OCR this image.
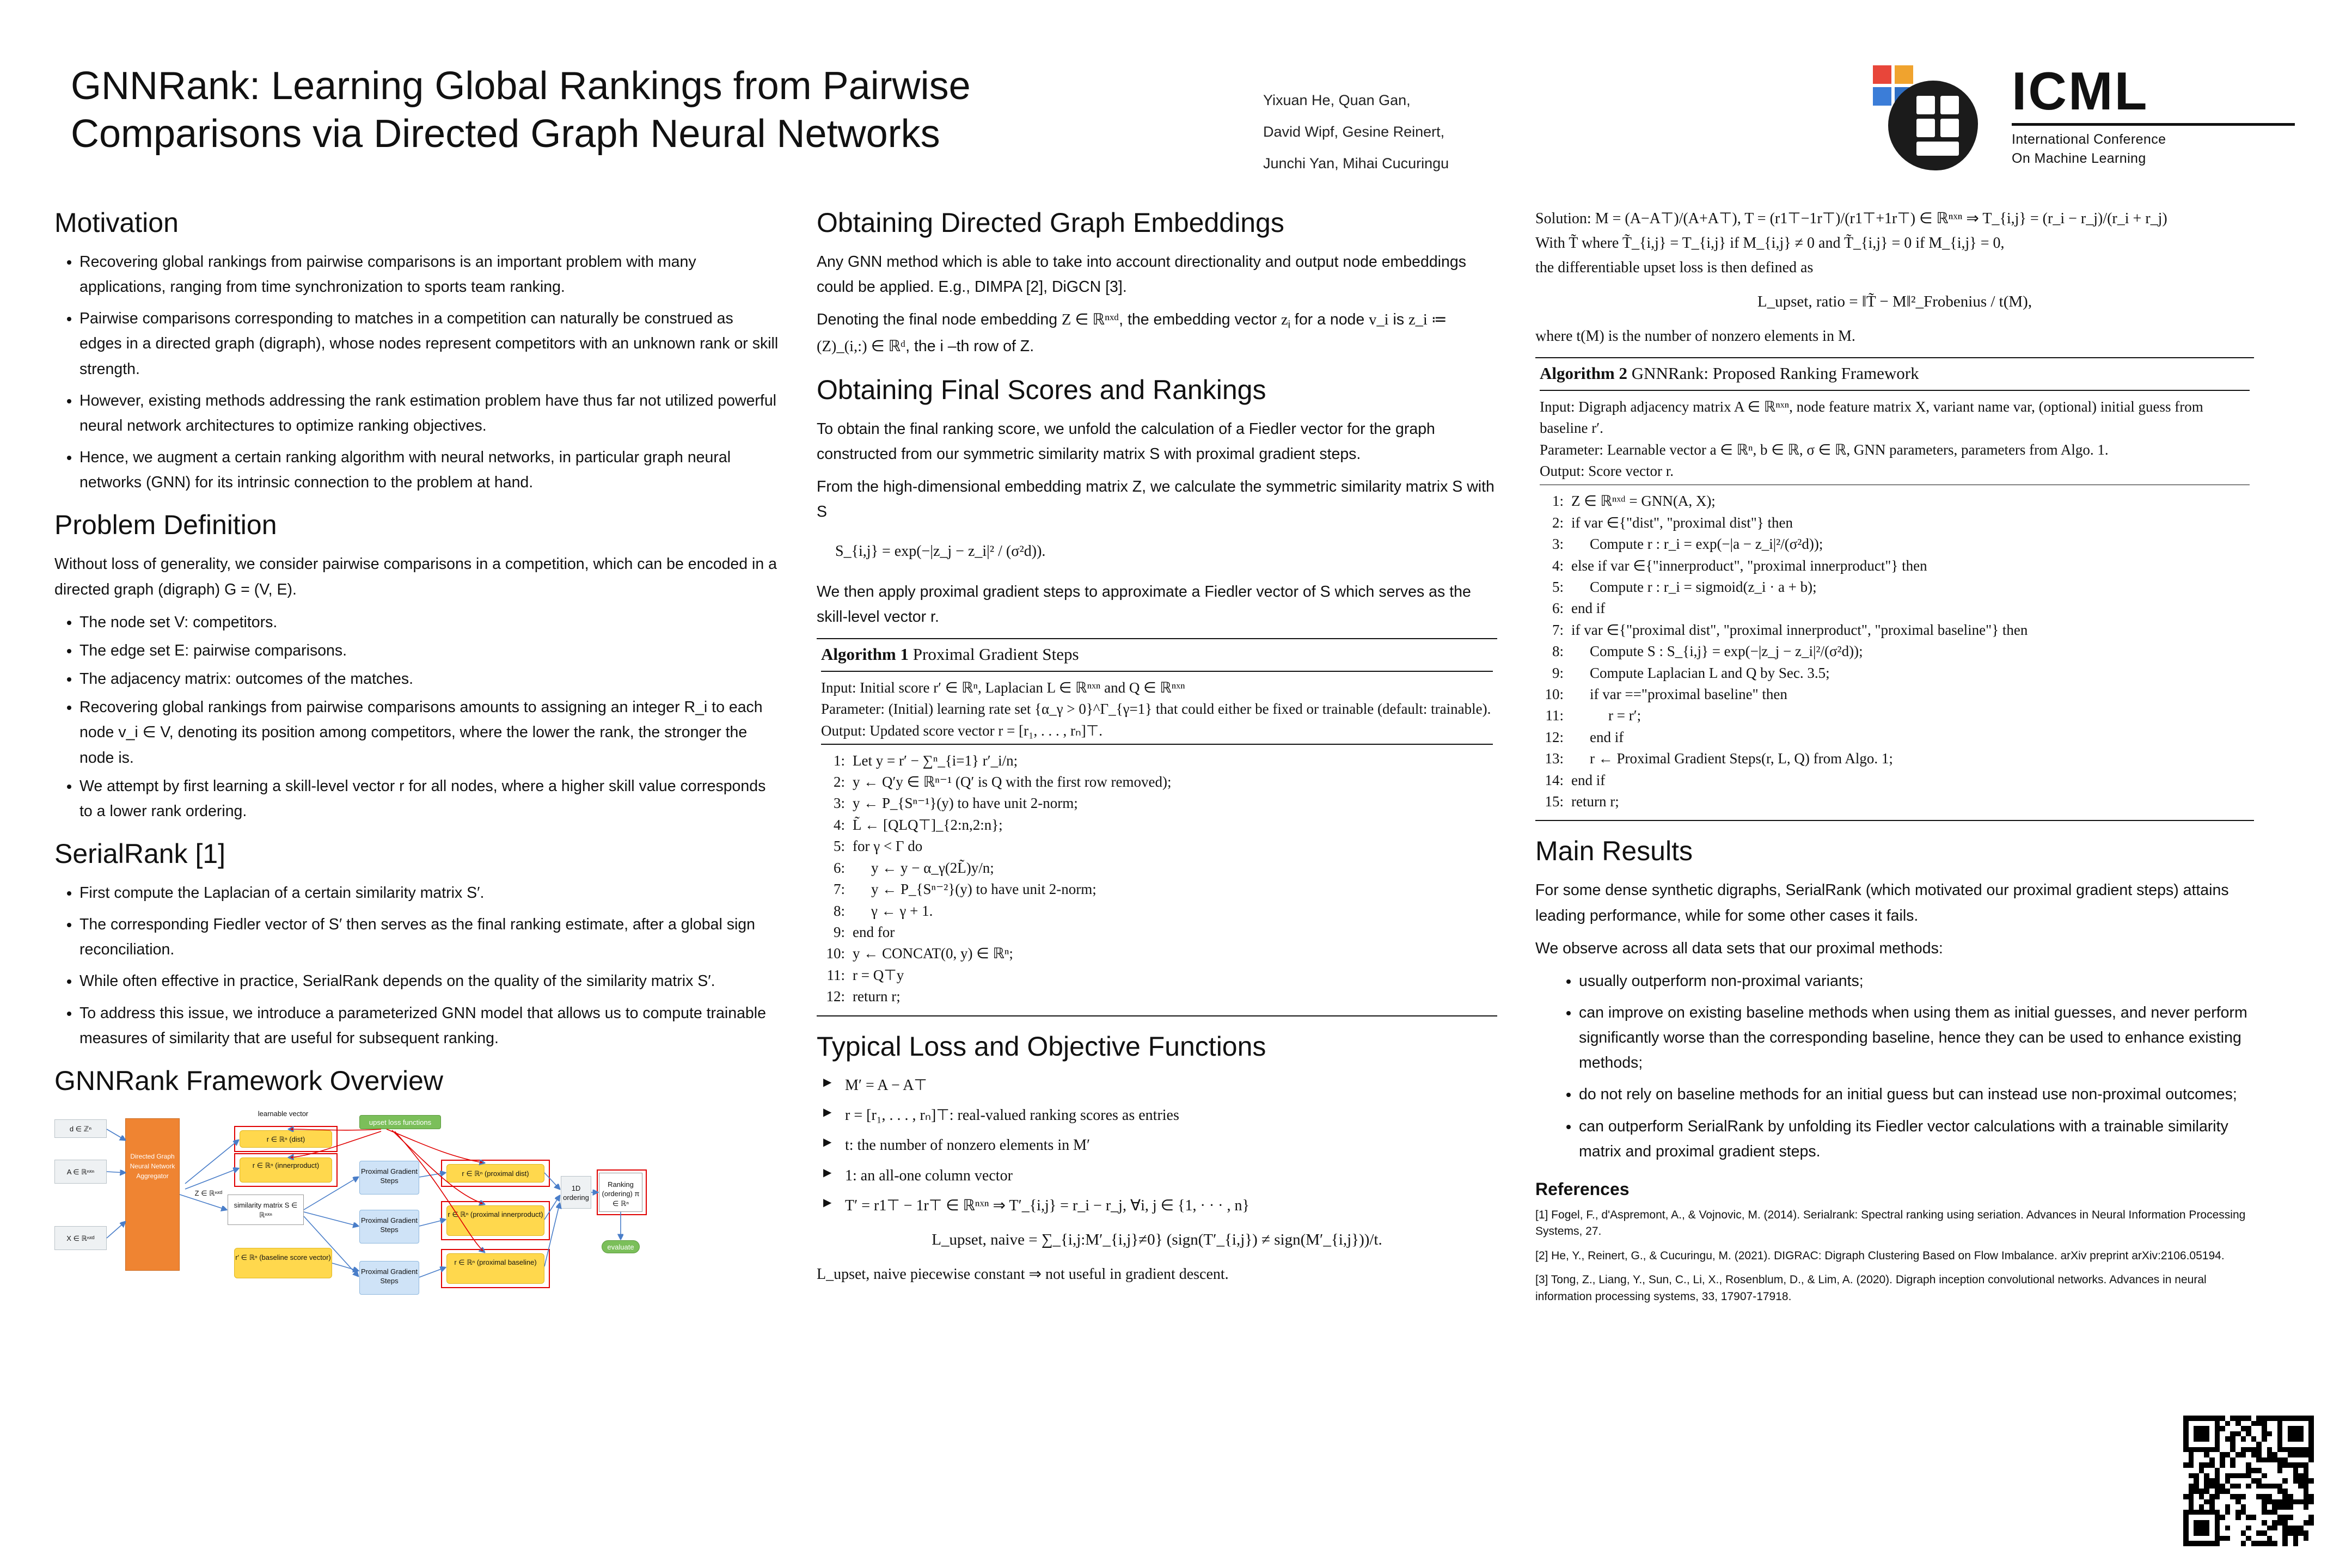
GNNRank: Learning Global Rankings from Pairwise Comparisons via Directed Graph Neural Networks
Yixuan He, Quan Gan,
David Wipf, Gesine Reinert,
Junchi Yan, Mihai Cucuringu
ICML
International Conference
On Machine Learning
Motivation
• Recovering global rankings from pairwise comparisons is an important problem with many applications, ranging from time synchronization to sports team ranking.
• Pairwise comparisons corresponding to matches in a competition can naturally be construed as edges in a directed graph (digraph), whose nodes represent competitors with an unknown rank or skill strength.
• However, existing methods addressing the rank estimation problem have thus far not utilized powerful neural network architectures to optimize ranking objectives.
• Hence, we augment a certain ranking algorithm with neural networks, in particular graph neural networks (GNN) for its intrinsic connection to the problem at hand.
Problem Definition

Without loss of generality, we consider pairwise comparisons in a competition, which can be encoded in a directed graph (digraph) G = (V, E).

• The node set V: competitors.
• The edge set E: pairwise comparisons.
• The adjacency matrix: outcomes of the matches.
• Recovering global rankings from pairwise comparisons amounts to assigning an integer R_i to each node v_i ∈ V, denoting its position among competitors, where the lower the rank, the stronger the node is.
• We attempt by first learning a skill-level vector r for all nodes, where a higher skill value corresponds to a lower rank ordering.
SerialRank [1]
• First compute the Laplacian of a certain similarity matrix S′.
• The corresponding Fiedler vector of S′ then serves as the final ranking estimate, after a global sign reconciliation.
• While often effective in practice, SerialRank depends on the quality of the similarity matrix S′.
• To address this issue, we introduce a parameterized GNN model that allows us to compute trainable measures of similarity that are useful for subsequent ranking.
GNNRank Framework Overview
d ∈ ℤⁿ
A ∈ ℝⁿˣⁿ
X ∈ ℝⁿˣᵈ
Directed Graph Neural Network Aggregator
Z ∈ ℝⁿˣᵈ
learnable vector
upset loss functions
r ∈ ℝⁿ (dist)
r ∈ ℝⁿ (innerproduct)
similarity matrix S ∈ ℝⁿˣⁿ
r′ ∈ ℝⁿ (baseline score vector)
Proximal Gradient Steps
Proximal Gradient Steps
Proximal Gradient Steps
r ∈ ℝⁿ (proximal dist)
r ∈ ℝⁿ (proximal innerproduct)
r ∈ ℝⁿ (proximal baseline)
1D ordering
Ranking (ordering) π ∈ ℝⁿ
evaluate
Obtaining Directed Graph Embeddings

Any GNN method which is able to take into account directionality and output node embeddings could be applied. E.g., DIMPA [2], DiGCN [3].

Denoting the final node embedding Z ∈ ℝⁿˣᵈ, the embedding vector $z_i$ for a node v_i is z_i ≔ (Z)_(i,:) ∈ ℝᵈ, the i –th row of Z.

Obtaining Final Scores and Rankings

To obtain the final ranking score, we unfold the calculation of a Fiedler vector for the graph constructed from our symmetric similarity matrix S with proximal gradient steps.

From the high-dimensional embedding matrix Z, we calculate the symmetric similarity matrix S with S

S_{i,j} = exp(−|z_j − z_i|² / (σ²d)).

We then apply proximal gradient steps to approximate a Fiedler vector of S which serves as the skill-level vector r.

Algorithm 1 Proximal Gradient Steps
Input: Initial score r′ ∈ ℝⁿ, Laplacian L ∈ ℝⁿˣⁿ and Q ∈ ℝⁿˣⁿ
Parameter: (Initial) learning rate set {α_γ > 0}^Γ_{γ=1} that could either be fixed or trainable (default: trainable).
Output: Updated score vector r = [r₁, . . . , rₙ]⊤.
1: Let y = r′ − ∑ⁿ_{i=1} r′_i/n;
2: y ← Q′y ∈ ℝⁿ⁻¹ (Q′ is Q with the first row removed);
3: y ← P_{Sⁿ⁻¹}(y) to have unit 2-norm;
4: L̃ ← [QLQ⊤]_{2:n,2:n};
5: for γ < Γ do
6: y ← y − α_γ(2L̃)y/n;
7: y ← P_{Sⁿ⁻²}(y) to have unit 2-norm;
8: γ ← γ + 1.
9: end for
10: y ← CONCAT(0, y) ∈ ℝⁿ;
11: r = Q⊤y
12: return r;
Typical Loss and Objective Functions
▶ M′ = A − A⊤
▶ r = [r₁, . . . , rₙ]⊤: real-valued ranking scores as entries
▶ t: the number of nonzero elements in M′
▶ 1: an all-one column vector
▶ T′ = r1⊤ − 1r⊤ ∈ ℝⁿˣⁿ ⇒ T′_{i,j} = r_i − r_j, ∀i, j ∈ {1, · · · , n}
L_upset, naive = ∑_{i,j:M′_{i,j}≠0} (sign(T′_{i,j}) ≠ sign(M′_{i,j}))/t.
L_upset, naive piecewise constant ⇒ not useful in gradient descent.
Solution: M = (A−A⊤)/(A+A⊤), T = (r1⊤−1r⊤)/(r1⊤+1r⊤) ∈ ℝⁿˣⁿ ⇒ T_{i,j} = (r_i − r_j)/(r_i + r_j)
With T̃ where T̃_{i,j} = T_{i,j} if M_{i,j} ≠ 0 and T̃_{i,j} = 0 if M_{i,j} = 0,
the differentiable upset loss is then defined as
L_upset, ratio = ‖T̃ − M‖²_Frobenius / t(M),
where t(M) is the number of nonzero elements in M.
Algorithm 2 GNNRank: Proposed Ranking Framework
Input: Digraph adjacency matrix A ∈ ℝⁿˣⁿ, node feature matrix X, variant name var, (optional) initial guess from baseline r′.
Parameter: Learnable vector a ∈ ℝⁿ, b ∈ ℝ, σ ∈ ℝ, GNN parameters, parameters from Algo. 1.
Output: Score vector r.
1: Z ∈ ℝⁿˣᵈ = GNN(A, X);
2: if var ∈{"dist", "proximal dist"} then
3: Compute r : r_i = exp(−|a − z_i|²/(σ²d));
4: else if var ∈{"innerproduct", "proximal innerproduct"} then
5: Compute r : r_i = sigmoid(z_i · a + b);
6: end if
7: if var ∈{"proximal dist", "proximal innerproduct", "proximal baseline"} then
8: Compute S : S_{i,j} = exp(−|z_j − z_i|²/(σ²d));
9: Compute Laplacian L and Q by Sec. 3.5;
10: if var =="proximal baseline" then
11:	r = r′;
12: end if
13: r ← Proximal Gradient Steps(r, L, Q) from Algo. 1;
14: end if
15: return r;
Main Results

For some dense synthetic digraphs, SerialRank (which motivated our proximal gradient steps) attains leading performance, while for some other cases it fails.

We observe across all data sets that our proximal methods:

• usually outperform non-proximal variants;
• can improve on existing baseline methods when using them as initial guesses, and never perform significantly worse than the corresponding baseline, hence they can be used to enhance existing methods;
• do not rely on baseline methods for an initial guess but can instead use non-proximal outcomes;
• can outperform SerialRank by unfolding its Fiedler vector calculations with a trainable similarity matrix and proximal gradient steps.
References

[1] Fogel, F., d'Aspremont, A., & Vojnovic, M. (2014). Serialrank: Spectral ranking using seriation. Advances in Neural Information Processing Systems, 27.

[2] He, Y., Reinert, G., & Cucuringu, M. (2021). DIGRAC: Digraph Clustering Based on Flow Imbalance. arXiv preprint arXiv:2106.05194.

[3] Tong, Z., Liang, Y., Sun, C., Li, X., Rosenblum, D., & Lim, A. (2020). Digraph inception convolutional networks. Advances in neural information processing systems, 33, 17907-17918.
